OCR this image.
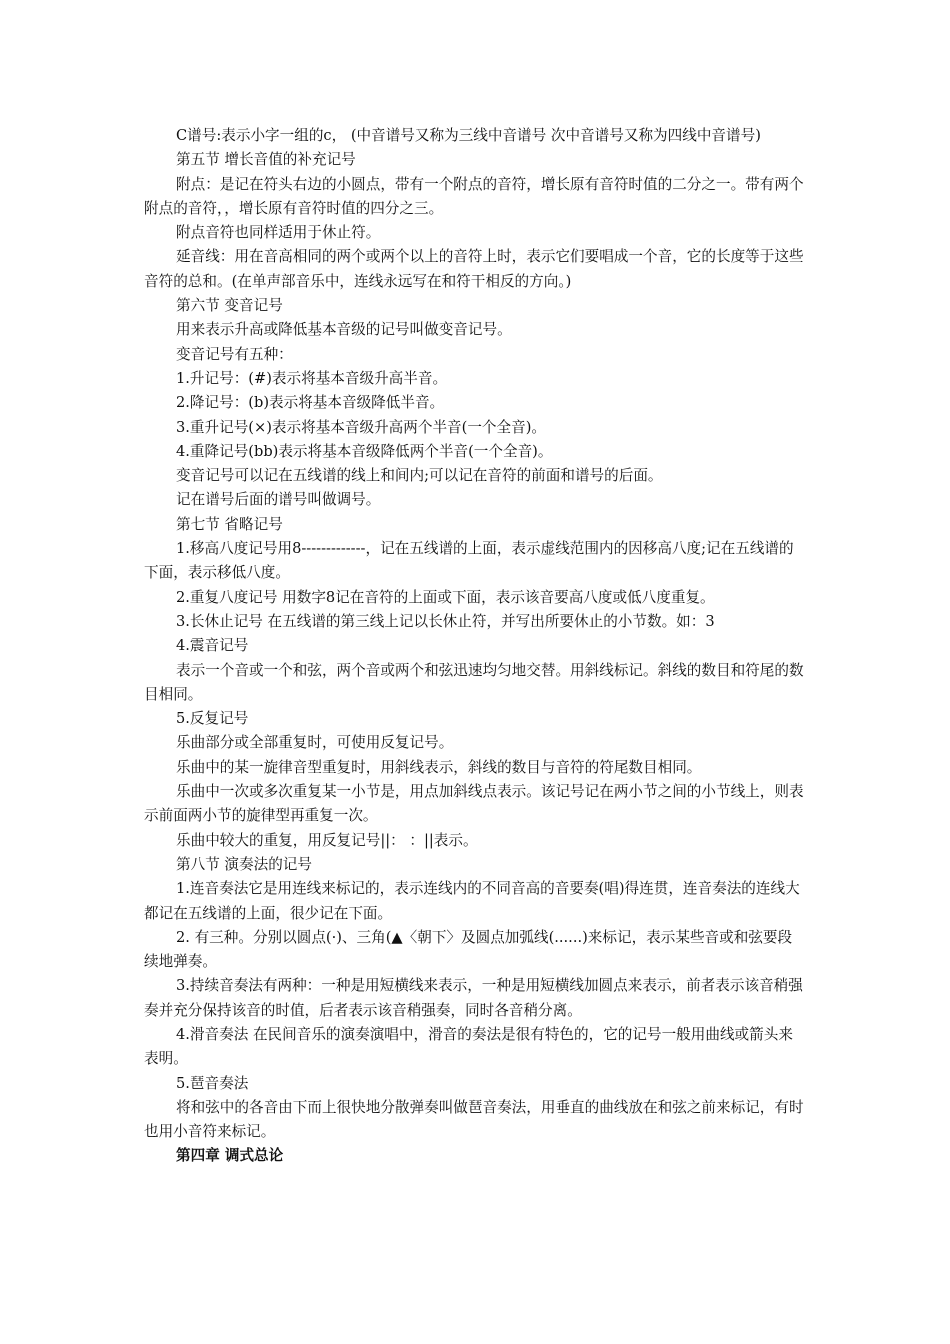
C谱号:表示小字一组的c， (中音谱号又称为三线中音谱号 次中音谱号又称为四线中音谱号)

第五节 增长音值的补充记号

附点：是记在符头右边的小圆点，带有一个附点的音符，增长原有音符时值的二分之一。带有两个附点的音符，，增长原有音符时值的四分之三。

附点音符也同样适用于休止符。

延音线：用在音高相同的两个或两个以上的音符上时，表示它们要唱成一个音，它的长度等于这些音符的总和。(在单声部音乐中，连线永远写在和符干相反的方向。)

第六节 变音记号

用来表示升高或降低基本音级的记号叫做变音记号。

变音记号有五种：

1.升记号：(#)表示将基本音级升高半音。

2.降记号：(b)表示将基本音级降低半音。

3.重升记号(×)表示将基本音级升高两个半音(一个全音)。

4.重降记号(bb)表示将基本音级降低两个半音(一个全音)。

变音记号可以记在五线谱的线上和间内;可以记在音符的前面和谱号的后面。

记在谱号后面的谱号叫做调号。

第七节 省略记号

1.移高八度记号用8-------------，记在五线谱的上面，表示虚线范围内的因移高八度;记在五线谱的下面，表示移低八度。

2.重复八度记号 用数字8记在音符的上面或下面，表示该音要高八度或低八度重复。

3.长休止记号 在五线谱的第三线上记以长休止符，并写出所要休止的小节数。如：3

4.震音记号

表示一个音或一个和弦，两个音或两个和弦迅速均匀地交替。用斜线标记。斜线的数目和符尾的数目相同。

5.反复记号

乐曲部分或全部重复时，可使用反复记号。

乐曲中的某一旋律音型重复时，用斜线表示，斜线的数目与音符的符尾数目相同。

乐曲中一次或多次重复某一小节是，用点加斜线点表示。该记号记在两小节之间的小节线上，则表示前面两小节的旋律型再重复一次。

乐曲中较大的重复，用反复记号||： ：||表示。

第八节 演奏法的记号

1.连音奏法它是用连线来标记的，表示连线内的不同音高的音要奏(唱)得连贯，连音奏法的连线大都记在五线谱的上面，很少记在下面。

2. 有三种。分别以圆点(·)、三角(▲〈朝下〉及圆点加弧线(......)来标记，表示某些音或和弦要段续地弹奏。

3.持续音奏法有两种：一种是用短横线来表示，一种是用短横线加圆点来表示，前者表示该音稍强奏并充分保持该音的时值，后者表示该音稍强奏，同时各音稍分离。

4.滑音奏法 在民间音乐的演奏演唱中，滑音的奏法是很有特色的，它的记号一般用曲线或箭头来表明。

5.琶音奏法

将和弦中的各音由下而上很快地分散弹奏叫做琶音奏法，用垂直的曲线放在和弦之前来标记，有时也用小音符来标记。

第四章 调式总论
